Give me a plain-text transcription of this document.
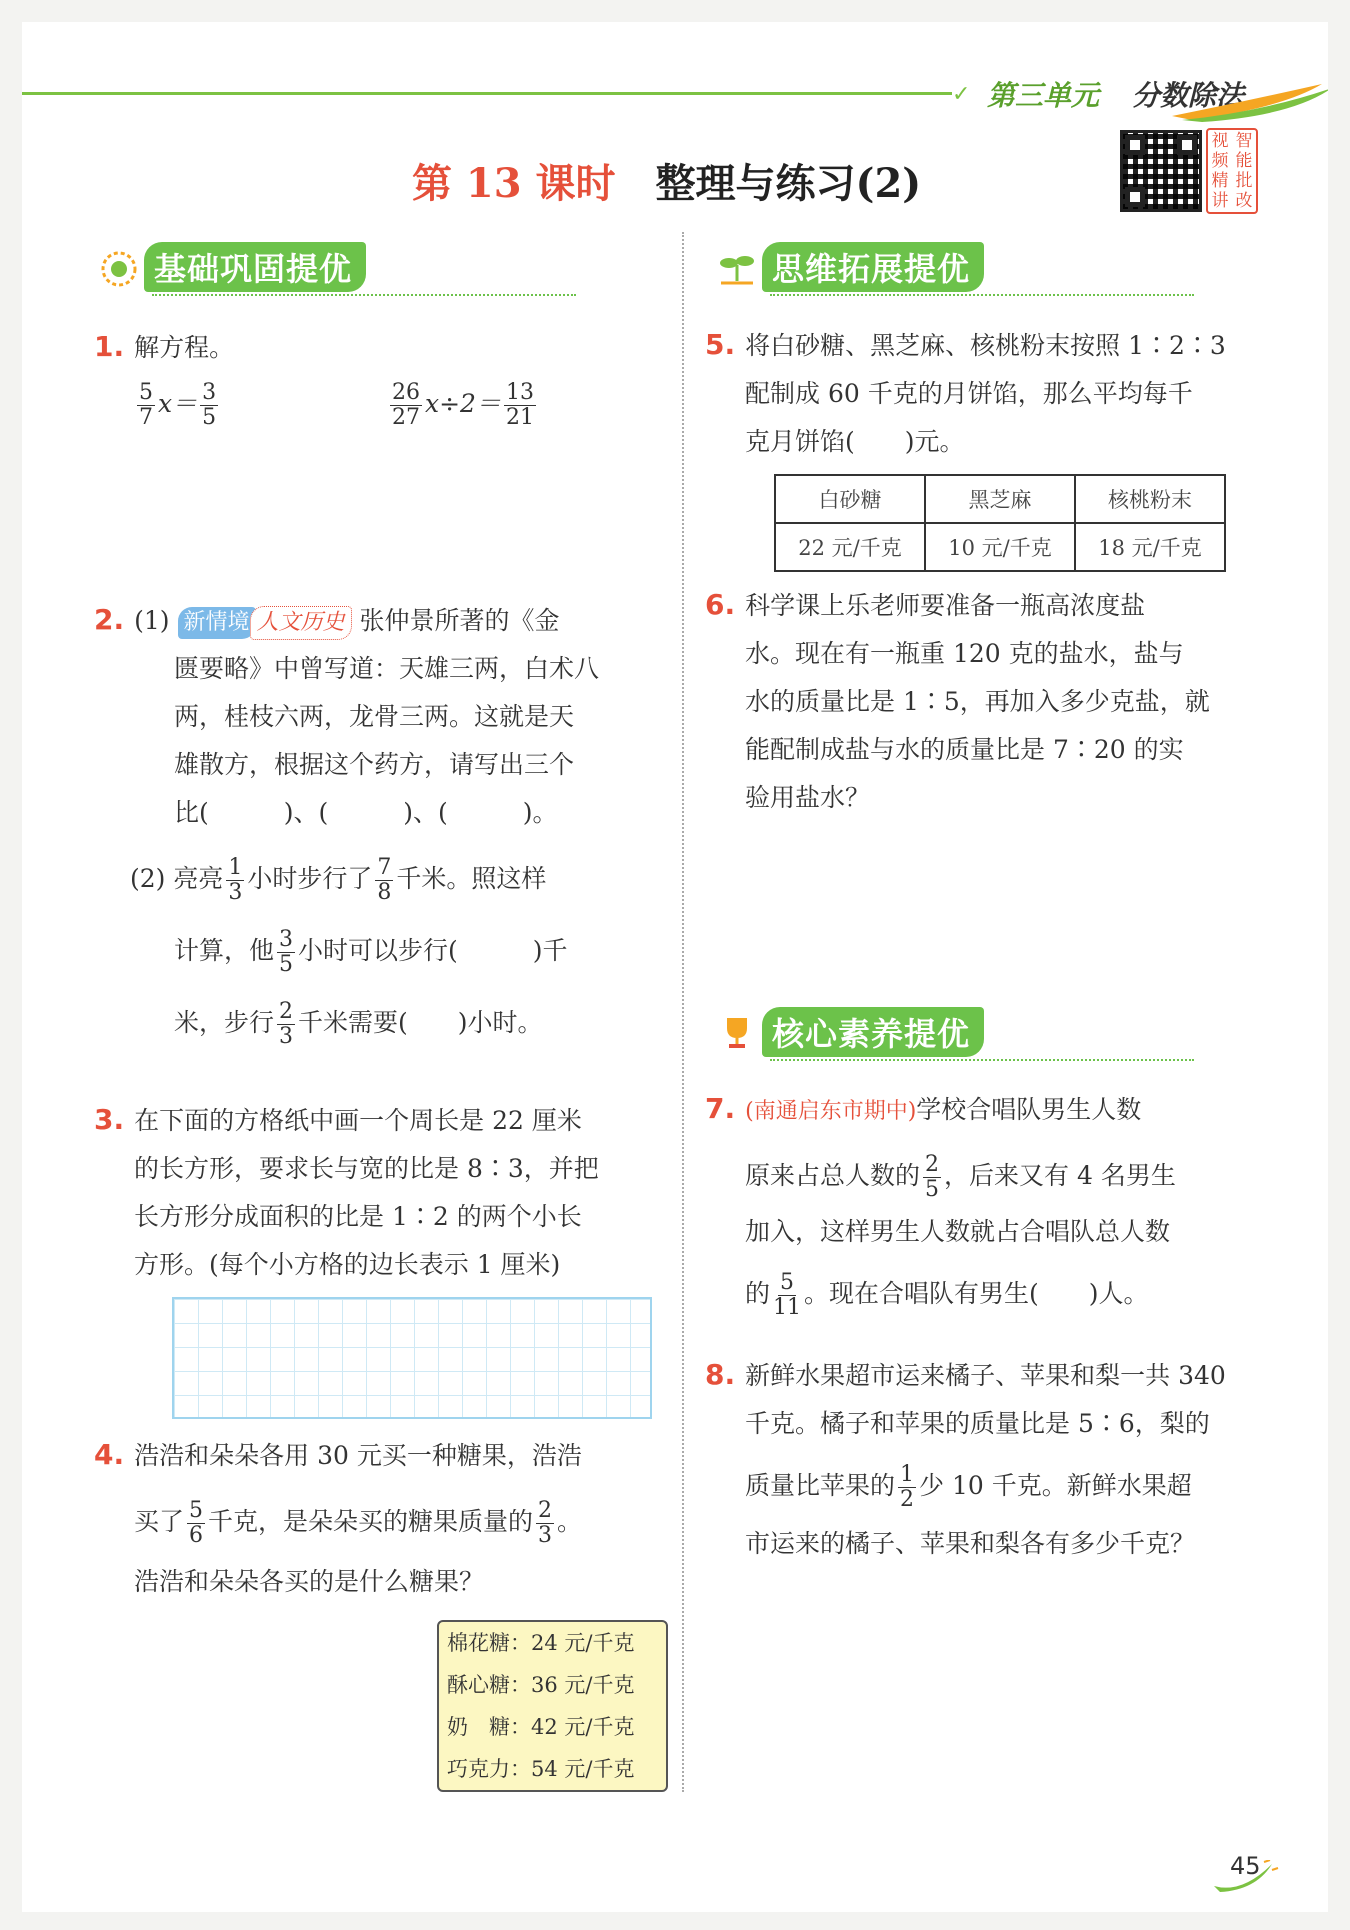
✓ 第三单元 分数除法
第 13 课时 整理与练习(2)
视 智
频 能
精 批
讲 改
基础巩固提优
1. 解方程。
$\frac{5}{7} x= \frac{3}{5}$
	$\frac{26}{27} x\div 2= \frac{13}{21}$
2. (1) 新情境 人文历史 张仲景所著的《金
匮要略》中曾写道：天雄三两，白术八
两，桂枝六两，龙骨三两。这就是天
雄散方，根据这个药方，请写出三个
比(　　　)、(　　　)、(　　　)。
(2) 亮亮 $\frac{1}{3}$ 小时步行了 $\frac{7}{8}$ 千米。照这样
计算，他 $\frac{3}{5}$ 小时可以步行(　　　)千
米，步行 $\frac{2}{3}$ 千米需要(　　)小时。
3. 在下面的方格纸中画一个周长是 22 厘米
的长方形，要求长与宽的比是 8∶3，并把
长方形分成面积的比是 1∶2 的两个小长
方形。(每个小方格的边长表示 1 厘米)
4. 浩浩和朵朵各用 30 元买一种糖果，浩浩
买了 $\frac{5}{6}$ 千克，是朵朵买的糖果质量的 $\frac{2}{3}$ 。
浩浩和朵朵各买的是什么糖果？
棉花糖：24 元/千克
酥心糖：36 元/千克
奶　糖：42 元/千克
巧克力：54 元/千克
思维拓展提优
5. 将白砂糖、黑芝麻、核桃粉末按照 1∶2∶3
配制成 60 千克的月饼馅，那么平均每千
克月饼馅(　　)元。
白砂糖	黑芝麻	核桃粉末
22 元/千克	10 元/千克	18 元/千克
6. 科学课上乐老师要准备一瓶高浓度盐
水。现在有一瓶重 120 克的盐水，盐与
水的质量比是 1∶5，再加入多少克盐，就
能配制成盐与水的质量比是 7∶20 的实
验用盐水？
核心素养提优
7. (南通启东市期中)学校合唱队男生人数
原来占总人数的 $\frac{2}{5}$ ，后来又有 4 名男生
加入，这样男生人数就占合唱队总人数
的 $\frac{5}{11}$ 。现在合唱队有男生(　　)人。
8. 新鲜水果超市运来橘子、苹果和梨一共 340
千克。橘子和苹果的质量比是 5∶6，梨的
质量比苹果的 $\frac{1}{2}$ 少 10 千克。新鲜水果超
市运来的橘子、苹果和梨各有多少千克？
45
